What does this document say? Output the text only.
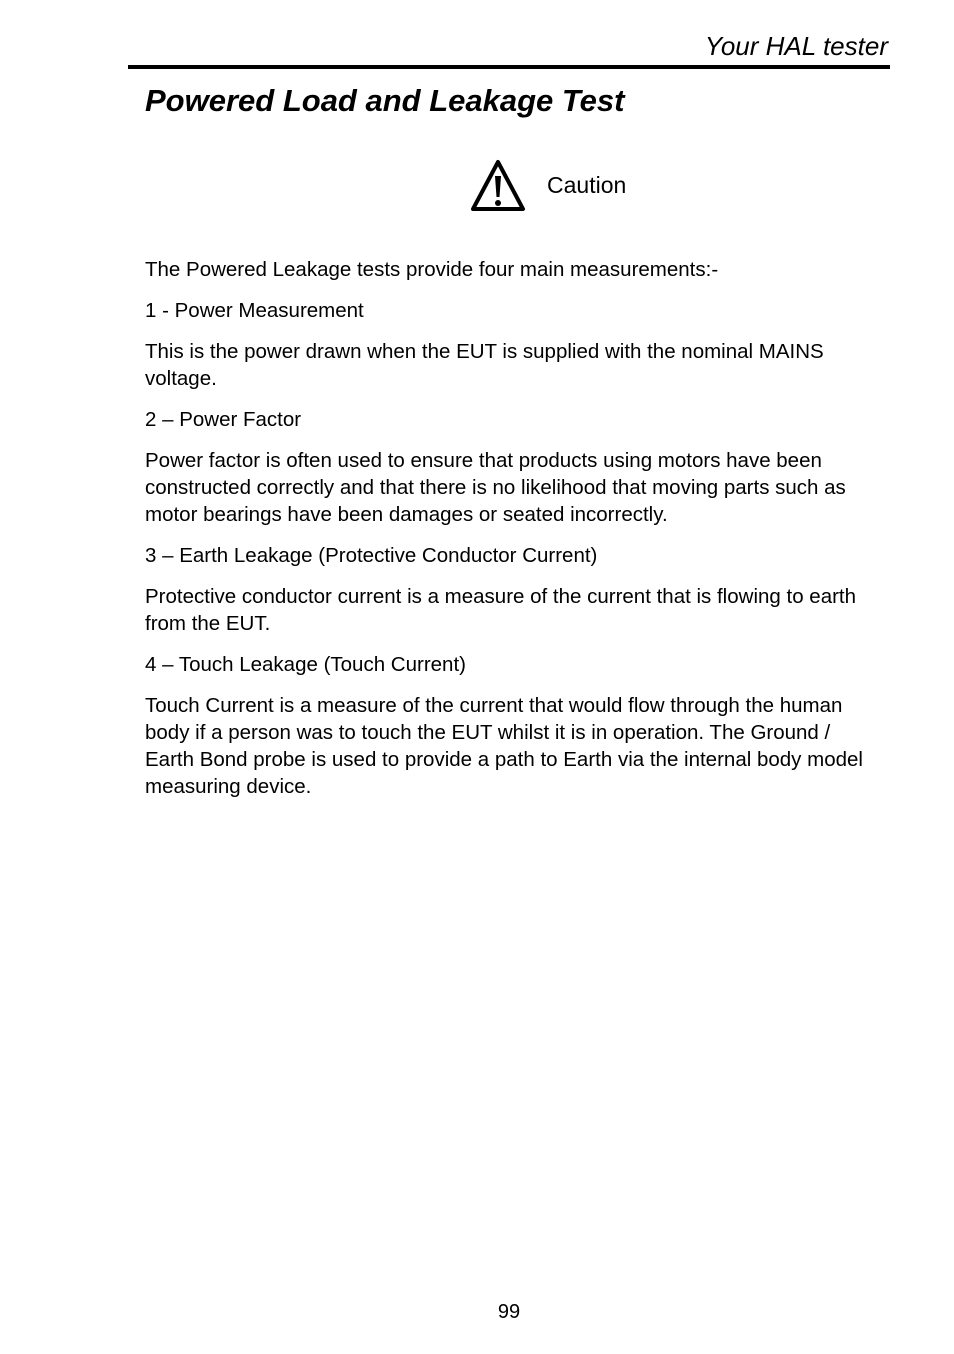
Your HAL tester
Powered Load and Leakage Test
Caution

The Powered Leakage tests provide four main measurements:-

1 - Power Measurement

This is the power drawn when the EUT is supplied with the nominal MAINS voltage.

2 – Power Factor

Power factor is often used to ensure that products using motors have been constructed correctly and that there is no likelihood that moving parts such as motor bearings have been damages or seated incorrectly.

3 – Earth Leakage (Protective Conductor Current)

Protective conductor current is a measure of the current that is flowing to earth from the EUT.

4 – Touch Leakage (Touch Current)

Touch Current is a measure of the current that would flow through the human body if a person was to touch the EUT whilst it is in operation. The Ground / Earth Bond probe is used to provide a path to Earth via the internal body model measuring device.

99
